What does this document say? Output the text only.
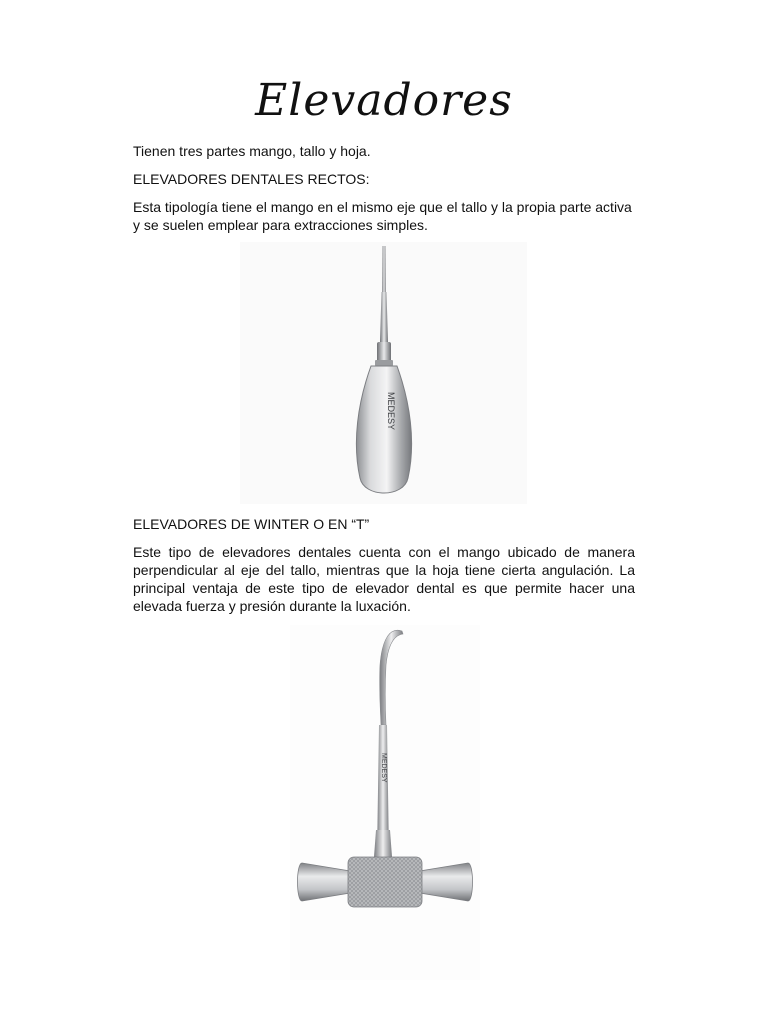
Elevadores

Tienen tres partes mango, tallo y hoja.

ELEVADORES DENTALES RECTOS:

Esta tipología tiene el mango en el mismo eje que el tallo y la propia parte activa y se suelen emplear para extracciones simples.

MEDESY

ELEVADORES DE WINTER O EN “T”

Este tipo de elevadores dentales cuenta con el mango ubicado de manera perpendicular al eje del tallo, mientras que la hoja tiene cierta angulación. La principal ventaja de este tipo de elevador dental es que permite hacer una elevada fuerza y presión durante la luxación.

MEDESY
